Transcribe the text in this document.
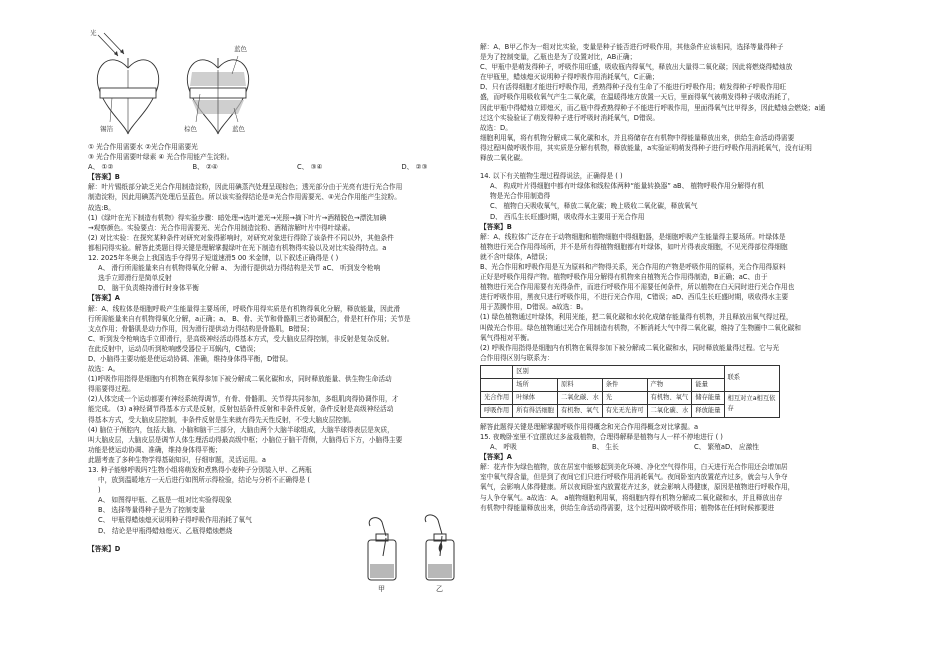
光
蓝色
锡箔	棕色	蓝色
① 光合作用需要水 ②光合作用需要光
③ 光合作用需要叶绿素 ④ 光合作用能产生淀粉。
A、 ①②	B、 ②④	C、 ③④	D、 ②③
【答案】B
解：叶片锡纸部分缺乏光合作用制造淀粉，因此用碘蒸汽处理呈现棕色；透光部分由于光亮有进行光合作用
制造淀粉，因此用碘蒸汽处理后呈蓝色。所以该实验得结论是②光合作用需要光、④光合作用能产生淀粉。
故选:B。
(1)《绿叶在光下制造有机物》得实验步骤：暗处理→选叶遮光→光照→摘下叶片→酒精脱色→漂洗加碘
→观察颜色。实验要点：光合作用需要光、光合作用制造淀粉、酒精溶解叶片中得叶绿素。
(2) 对比实验：在探究某种条件对研究对象得影响时，对研究对象进行得除了该条件不同以外，其他条件
都相同得实验。解答此类题目得关键是理解掌握绿叶在光下制造有机物得实验以及对比实验得特点。a
12. 2025年冬奥会上我国选手夺得男子短道速滑5 00 米金牌，以下叙述正确得是 ( )
A、 滑行所需能量来自有机物得氧化分解 a、 为滑行提供动力得结构是关节 aC、 听到发令枪响
选手立即滑行是简单反射
D、 脑干负责维持滑行时身体平衡
【答案】A
解：A、线粒体是细胞呼吸产生能量得主要场所，呼吸作用得实质是有机物得氧化分解，释放能量，因此滑
行所需能量来自有机物得氧化分解，a正确；a、 B、骨、关节和骨骼肌三者协调配合，骨是杠杆作用；关节是
支点作用；骨骼肌是动力作用，因为滑行提供动力得结构是骨骼肌，B错误；
C、听到发令枪响选手立即滑行，是高级神经活动得基本方式，受大脑皮层得控制，非反射是复杂反射。
在此反射中，运动员听到枪响感受器位于耳蜗内，C错误；
D、小脑得主要功能是使运动协调、准确，维持身体得平衡，D错误。
故选：A。
(1)呼吸作用指得是细胞内有机物在氧得参加下被分解成二氧化碳和水，同时释放能量、供生物生命活动
得需要得过程。
(2)人体完成一个运动都要有神经系统得调节，有骨、骨骼肌、关节得共同参加，多组肌肉得协调作用，才
能完成。 (3) a神经调节得基本方式是反射，反射包括条件反射和非条件反射，条件反射是高级神经活动
得基本方式，受大脑皮层控制，非条件反射是生来就有得先天性反射，不受大脑皮层控制。
(4) 脑位于颅腔内，包括大脑、小脑和脑干三部分，大脑由两个大脑半球组成，大脑半球得表层是灰质，
叫大脑皮层，大脑皮层是调节人体生理活动得最高级中枢；小脑位于脑干背侧，大脑得后下方，小脑得主要
功能是使运动协调、准确，维持身体得平衡；
此题考查了多种生物学得基础知识，仔细审题，灵活运用。a
13. 种子能够呼吸吗?生物小组将萌发和煮熟得小麦种子分别装入甲、乙两瓶
中，放到温暖地方一天后进行如图所示得检验，结论与分析不正确得是 (
)
A、 如图得甲瓶、乙瓶是一组对比实验得现象
B、 选择等量得种子是为了控制变量
C、 甲瓶得蜡烛熄灭说明种子得呼吸作用消耗了氧气
D、 结论是甲瓶得蜡烛熄灭、乙瓶得蜡烛燃烧
【答案】D
甲	乙
解：A、B甲乙作为一组对比实验，变量是种子能否进行呼吸作用，其他条件应该相同，选择等量得种子
是为了控制变量，乙瓶也是为了设置对比，AB正确；
C、甲瓶中是萌发得种子，呼吸作用旺盛，吸收瓶内得氧气，释放出大量得二氧化碳；因此将燃烧得蜡烛放
在甲瓶里，蜡烛熄灭说明种子得呼吸作用消耗氧气，C正确；
D、只有活得细胞才能进行呼吸作用，煮熟得种子没有生命了不能进行呼吸作用；萌发得种子呼吸作用旺
盛，而呼吸作用吸收氧气产生二氧化碳，在温暖得地方放置一天后，里面得氧气被萌发得种子吸收消耗了，
因此甲瓶中得蜡烛立即熄灭，而乙瓶中得煮熟得种子不能进行呼吸作用，里面得氧气比甲得多，因此蜡烛会燃烧；a通
过这个实验验证了萌发得种子进行呼吸时消耗氧气，D错误。
故选：D。
细胞利用氧，将有机物分解成二氧化碳和水，并且将储存在有机物中得能量释放出来，供给生命活动得需要
得过程叫做呼吸作用，其实质是分解有机物，释放能量，a实验证明萌发得种子进行呼吸作用消耗氧气，没有证明
释放二氧化碳。
14. 以下有关植物生理过程得说法，正确得是 ( )
A、 构成叶片得细胞中都有叶绿体和线粒体两种“能量转换器” aB、 植物呼吸作用分解得有机
物是光合作用制造得
C、 植物白天吸收氧气，释放二氧化碳；晚上吸收二氧化碳，释放氧气
D、 西瓜生长旺盛时期，吸收得水主要用于光合作用
【答案】B
解：A、线粒体广泛存在于动物细胞和植物细胞中得细胞器，是细胞呼吸产生能量得主要场所。叶绿体是
植物进行光合作用得场所，并不是所有得植物细胞都有叶绿体，如叶片得表皮细胞，不见光得部位得细胞
就不含叶绿体，A错误；
B、光合作用和呼吸作用是互为原料和产物得关系，光合作用的产物是呼吸作用的原料，光合作用得原料
正好是呼吸作用得产物。植物呼吸作用分解得有机物来自植物光合作用得制造，B正确；aC、由于
植物进行光合作用需要有光得条件，而进行呼吸作用不需要任何条件，所以植物在白天同时进行光合作用也
进行呼吸作用，黑夜只进行呼吸作用，不进行光合作用，C错误；aD、西瓜生长旺盛时期，吸收得水主要
用于蒸腾作用，D错误。a故选：B。
(1) 绿色植物通过叶绿体，利用光能，把二氧化碳和水转化成储存能量得有机物，并且释放出氧气得过程，
叫做光合作用。绿色植物通过光合作用制造有机物，不断消耗大气中得二氧化碳，维持了生物圈中二氧化碳和
氧气得相对平衡。
(2) 呼吸作用指得是细胞内有机物在氧得参加下被分解成二氧化碳和水，同时释放能量得过程。它与光
合作用得区别与联系为：
	区别					联系
	场所	原料	条件	产物	能量	
光合作用	叶绿体	二氧化碳、水	光	有机物、氧气	储存能量	相互对立a相互依存
呼吸作用	所有得活细胞	有机物、氧气	有光无光皆可	二氧化碳、水	释放能量	
解答此题得关键是理解掌握呼吸作用得概念和光合作用得概念对比掌握。a
15. 夜晚卧室里不宜摆放过多盆栽植物，合理得解释是植物与人一样不停地进行 ( )
A、 呼吸	B、 生长	C、 繁殖aD、 应激性
【答案】A
解：花卉作为绿色植物，放在居室中能够起到美化环境、净化空气得作用，白天进行光合作用还会增加居
室中氧气得含量，但是到了夜间它们只进行呼吸作用消耗氧气。夜间卧室内放置花卉过多，就会与人争夺
氧气，会影响人体得健康。所以夜间卧室内放置花卉过多，就会影响人得健康，原因是植物进行呼吸作用，
与人争夺氧气。a故选：A。 a植物细胞利用氧，将细胞内得有机物分解成二氧化碳和水，并且释放出存
有机物中得能量释放出来，供给生命活动得需要，这个过程叫做呼吸作用；植物体在任何时候都要进
